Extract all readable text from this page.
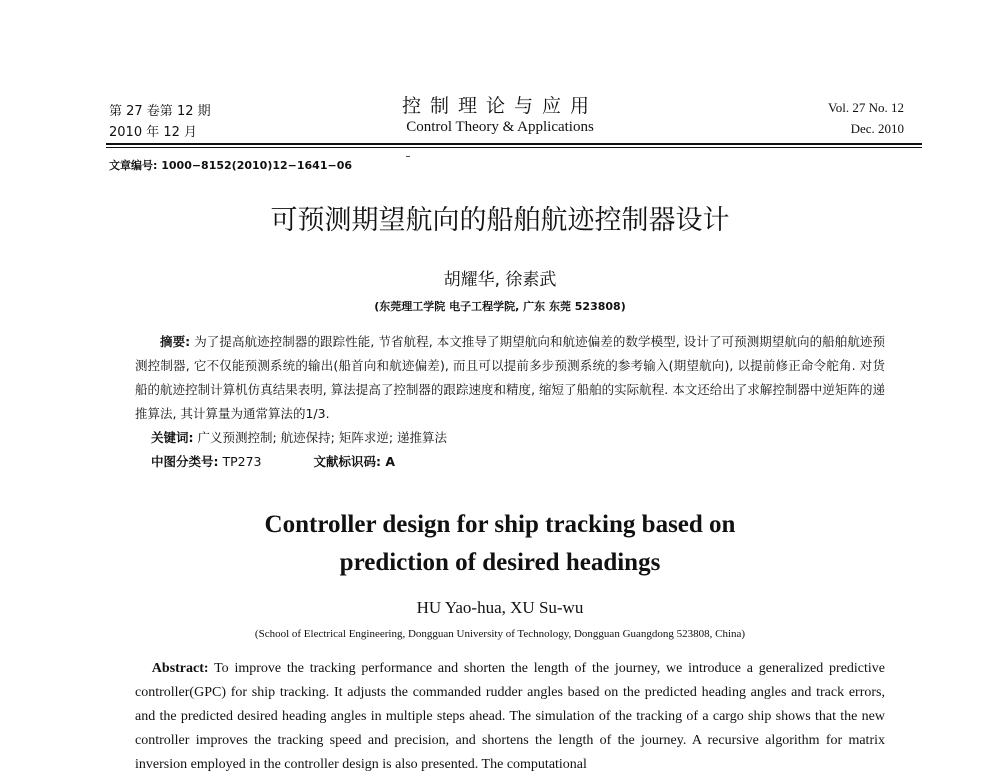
第 27 卷第 12 期
2010 年 12 月
控制理论与应用
Control Theory & Applications
Vol. 27 No. 12
Dec. 2010
文章编号: 1000−8152(2010)12−1641−06
可预测期望航向的船舶航迹控制器设计
胡耀华, 徐素武
(东莞理工学院 电子工程学院, 广东 东莞 523808)
摘要: 为了提高航迹控制器的跟踪性能, 节省航程, 本文推导了期望航向和航迹偏差的数学模型, 设计了可预测期望航向的船舶航迹预测控制器, 它不仅能预测系统的输出(船首向和航迹偏差), 而且可以提前多步预测系统的参考输入(期望航向), 以提前修正命令舵角. 对货船的航迹控制计算机仿真结果表明, 算法提高了控制器的跟踪速度和精度, 缩短了船舶的实际航程. 本文还给出了求解控制器中逆矩阵的递推算法, 其计算量为通常算法的1/3.
关键词: 广义预测控制; 航迹保持; 矩阵求逆; 递推算法
中图分类号: TP273	文献标识码: A
Controller design for ship tracking based on
prediction of desired headings
HU Yao-hua, XU Su-wu
(School of Electrical Engineering, Dongguan University of Technology, Dongguan Guangdong 523808, China)
Abstract: To improve the tracking performance and shorten the length of the journey, we introduce a generalized predictive controller(GPC) for ship tracking. It adjusts the commanded rudder angles based on the predicted heading angles and track errors, and the predicted desired heading angles in multiple steps ahead. The simulation of the tracking of a cargo ship shows that the new controller improves the tracking speed and precision, and shortens the length of the journey. A recursive algorithm for matrix inversion employed in the controller design is also presented. The computational
